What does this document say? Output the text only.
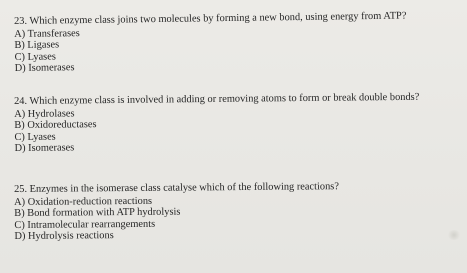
23. Which enzyme class joins two molecules by forming a new bond, using energy from ATP?
A) Transferases
B) Ligases
C) Lyases
D) Isomerases
24. Which enzyme class is involved in adding or removing atoms to form or break double bonds?
A) Hydrolases
B) Oxidoreductases
C) Lyases
D) Isomerases
25. Enzymes in the isomerase class catalyse which of the following reactions?
A) Oxidation-reduction reactions
B) Bond formation with ATP hydrolysis
C) Intramolecular rearrangements
D) Hydrolysis reactions
